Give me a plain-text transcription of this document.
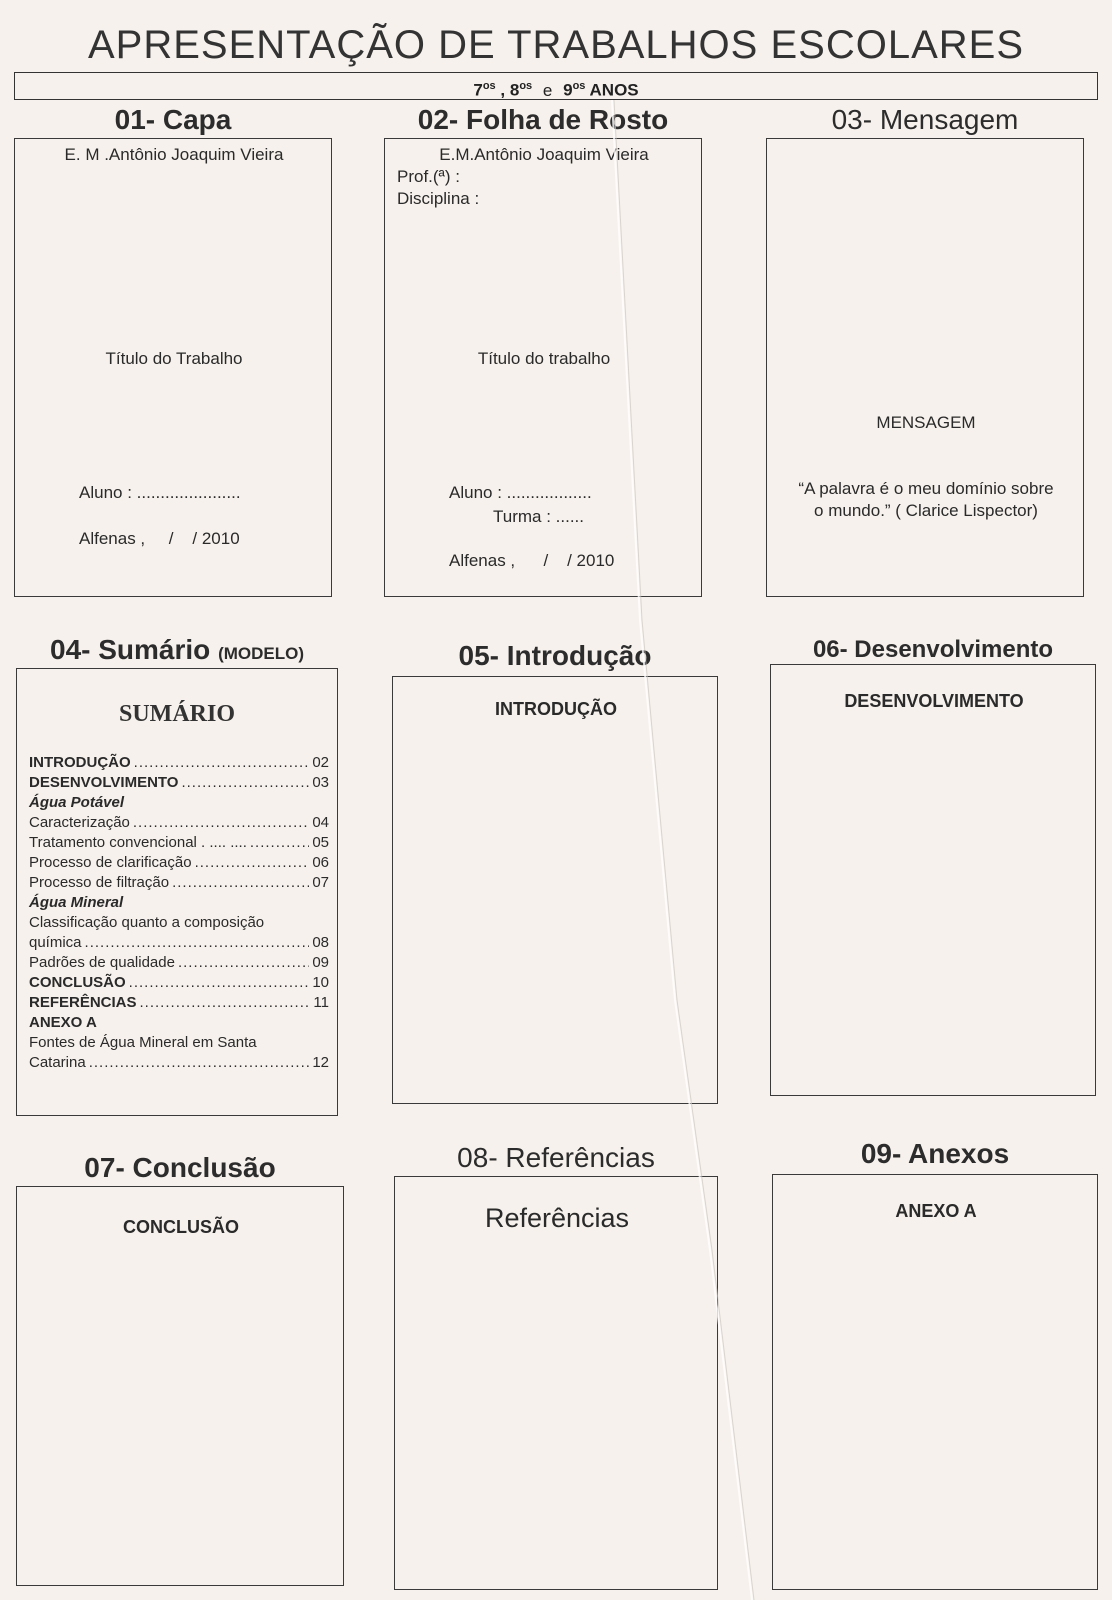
APRESENTAÇÃO DE TRABALHOS ESCOLARES
$7^{os}$ , $8^{os}$ e $9^{os}$ ANOS
01- Capa
E. M .Antônio Joaquim Vieira
Título do Trabalho
Aluno : ......................
Alfenas ,     /    / 2010
02- Folha de Rosto
E.M.Antônio Joaquim Vieira
Prof.(ª) :
Disciplina :
Título do trabalho
Aluno : ..................
Turma : ......
Alfenas ,      /    / 2010
03- Mensagem
MENSAGEM
“A palavra é o meu domínio sobre
o mundo.” ( Clarice Lispector)
04- Sumário (MODELO)
SUMÁRIO
INTRODUÇÃO .....	02
DESENVOLVIMENTO .....	03
Água Potável
Caracterização .....	04
Tratamento convencional . .... .... .....	05
Processo de clarificação .....	06
Processo de filtração .....	07
Água Mineral
Classificação quanto a composição
química .....	08
Padrões de qualidade .....	09
CONCLUSÃO .....	10
REFERÊNCIAS .....	11
ANEXO A
Fontes de Água Mineral em Santa
Catarina .....	12
05- Introdução
INTRODUÇÃO
06- Desenvolvimento
DESENVOLVIMENTO
07- Conclusão
CONCLUSÃO
08- Referências
Referências
09- Anexos
ANEXO A
